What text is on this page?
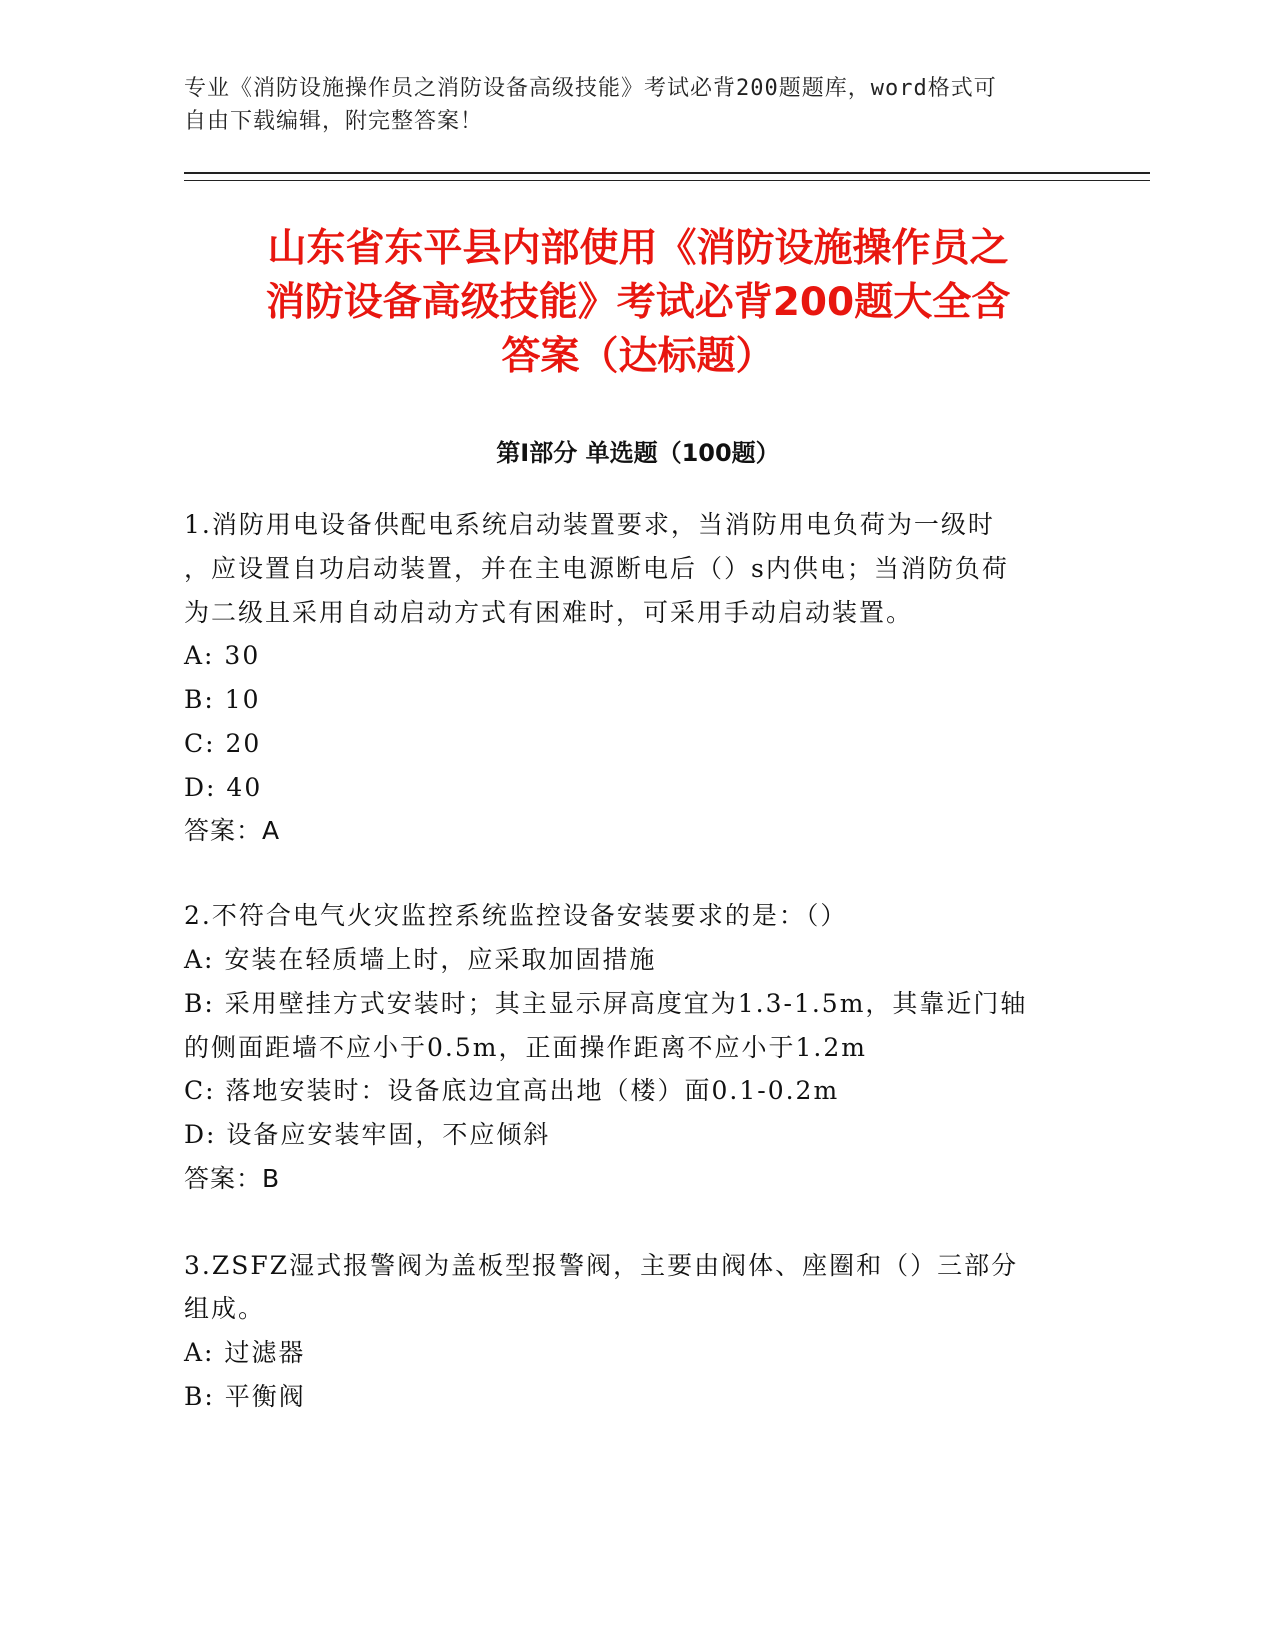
专业《消防设施操作员之消防设备高级技能》考试必背200题题库，word格式可
自由下载编辑，附完整答案！
山东省东平县内部使用《消防设施操作员之
消防设备高级技能》考试必背200题大全含
答案（达标题）
第I部分 单选题（100题）
1.消防用电设备供配电系统启动装置要求，当消防用电负荷为一级时
，应设置自功启动装置，并在主电源断电后（）s内供电；当消防负荷
为二级且采用自动启动方式有困难时，可采用手动启动装置。
A: 30
B: 10
C: 20
D: 40
答案：A
2.不符合电气火灾监控系统监控设备安装要求的是：（）
A: 安装在轻质墙上时，应采取加固措施
B: 采用壁挂方式安装时；其主显示屏高度宜为1.3-1.5m，其靠近门轴
的侧面距墙不应小于0.5m，正面操作距离不应小于1.2m
C: 落地安装时：设备底边宜高出地（楼）面0.1-0.2m
D: 设备应安装牢固，不应倾斜
答案：B
3.ZSFZ湿式报警阀为盖板型报警阀，主要由阀体、座圈和（）三部分
组成。
A: 过滤器
B: 平衡阀
